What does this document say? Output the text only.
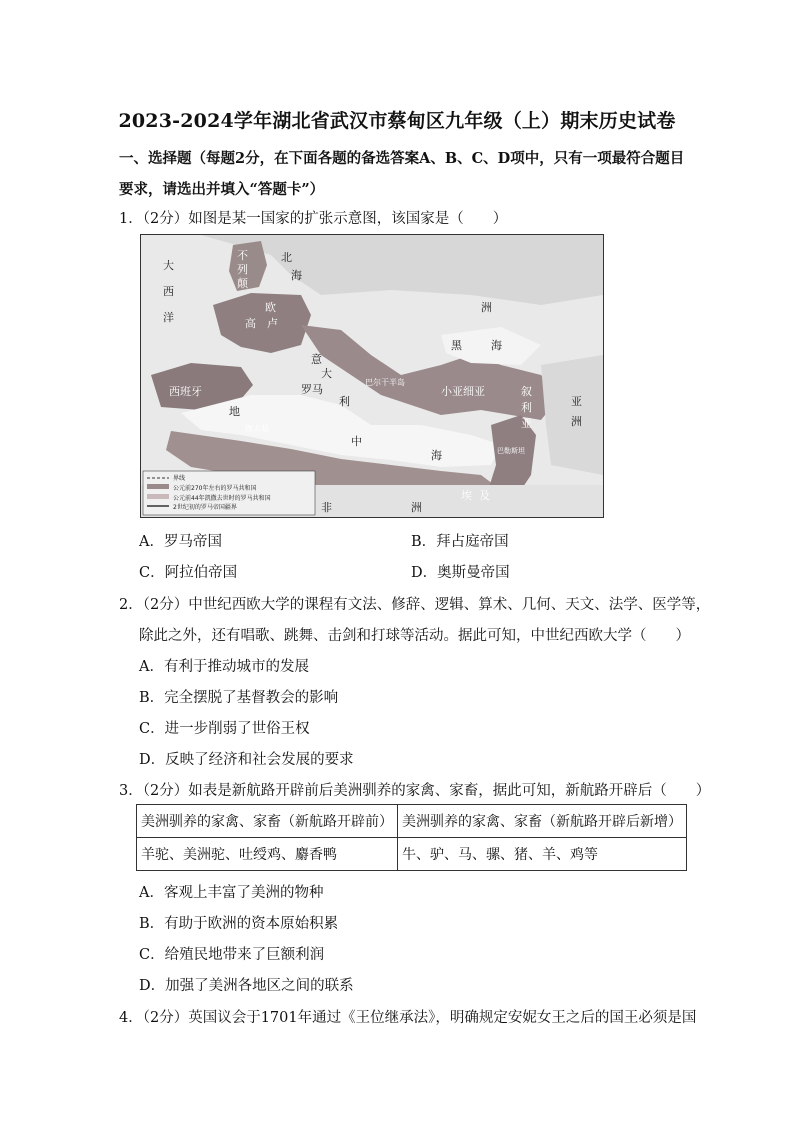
2023-2024学年湖北省武汉市蔡甸区九年级（上）期末历史试卷
一、选择题（每题2分，在下面各题的备选答案A、B、C、D项中，只有一项最符合题目
要求，请选出并填入“答题卡”）
1．（2分）如图是某一国家的扩张示意图，该国家是（　　）
大
西
洋
不
列
颠
北
海
欧
高 卢
意
大
罗马
利
洲
西班牙
地
中
海
巴尔干半岛
黑	海
小亚细亚	叙
利
亚
巴勒斯坦
埃 及
非	洲
亚
洲
迦太基
界线
公元前270年左右的罗马共和国
公元前44年凯撒去世时的罗马共和国
2世纪初的罗马帝国疆界
A．罗马帝国	B．拜占庭帝国
C．阿拉伯帝国	D．奥斯曼帝国
2．（2分）中世纪西欧大学的课程有文法、修辞、逻辑、算术、几何、天文、法学、医学等，
除此之外，还有唱歌、跳舞、击剑和打球等活动。据此可知，中世纪西欧大学（　　）
A．有利于推动城市的发展
B．完全摆脱了基督教会的影响
C．进一步削弱了世俗王权
D．反映了经济和社会发展的要求
3．（2分）如表是新航路开辟前后美洲驯养的家禽、家畜，据此可知，新航路开辟后（　　）
美洲驯养的家禽、家畜（新航路开辟前）	美洲驯养的家禽、家畜（新航路开辟后新增）
羊驼、美洲驼、吐绶鸡、麝香鸭	牛、驴、马、骡、猪、羊、鸡等
A．客观上丰富了美洲的物种
B．有助于欧洲的资本原始积累
C．给殖民地带来了巨额利润
D．加强了美洲各地区之间的联系
4．（2分）英国议会于1701年通过《王位继承法》，明确规定安妮女王之后的国王必须是国
